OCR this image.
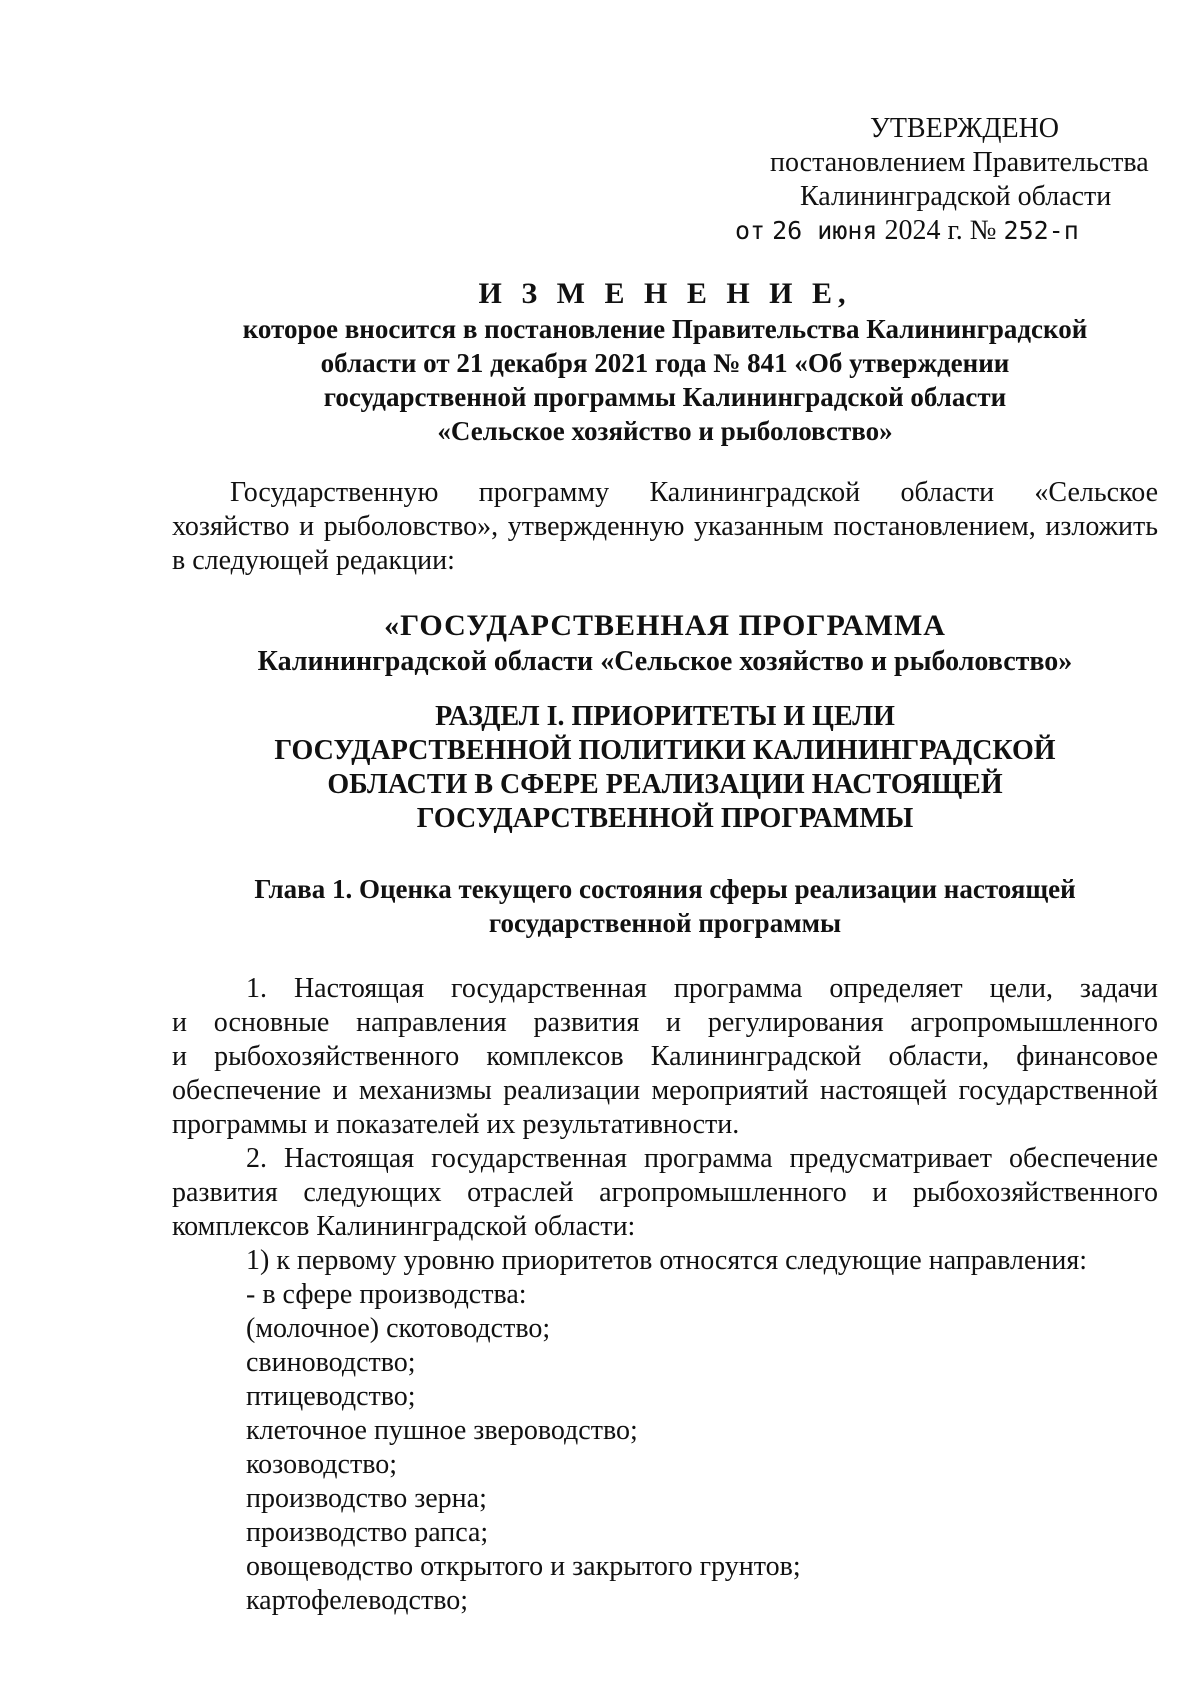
УТВЕРЖДЕНО
постановлением Правительства
Калининградской области
от 26 июня 2024 г. № 252-п
И З М Е Н Е Н И Е,
которое вносится в постановление Правительства Калининградской
области от 21 декабря 2021 года № 841 «Об утверждении
государственной программы Калининградской области
«Сельское хозяйство и рыболовство»
Государственную программу Калининградской области «Сельское
хозяйство и рыболовство», утвержденную указанным постановлением, изложить
в следующей редакции:
«ГОСУДАРСТВЕННАЯ ПРОГРАММА
Калининградской области «Сельское хозяйство и рыболовство»
РАЗДЕЛ I. ПРИОРИТЕТЫ И ЦЕЛИ
ГОСУДАРСТВЕННОЙ ПОЛИТИКИ КАЛИНИНГРАДСКОЙ
ОБЛАСТИ В СФЕРЕ РЕАЛИЗАЦИИ НАСТОЯЩЕЙ
ГОСУДАРСТВЕННОЙ ПРОГРАММЫ
Глава 1. Оценка текущего состояния сферы реализации настоящей
государственной программы
1. Настоящая государственная программа определяет цели, задачи
и основные направления развития и регулирования агропромышленного
и рыбохозяйственного комплексов Калининградской области, финансовое
обеспечение и механизмы реализации мероприятий настоящей государственной
программы и показателей их результативности.
2. Настоящая государственная программа предусматривает обеспечение
развития следующих отраслей агропромышленного и рыбохозяйственного
комплексов Калининградской области:
1) к первому уровню приоритетов относятся следующие направления:
- в сфере производства:
(молочное) скотоводство;
свиноводство;
птицеводство;
клеточное пушное звероводство;
козоводство;
производство зерна;
производство рапса;
овощеводство открытого и закрытого грунтов;
картофелеводство;
